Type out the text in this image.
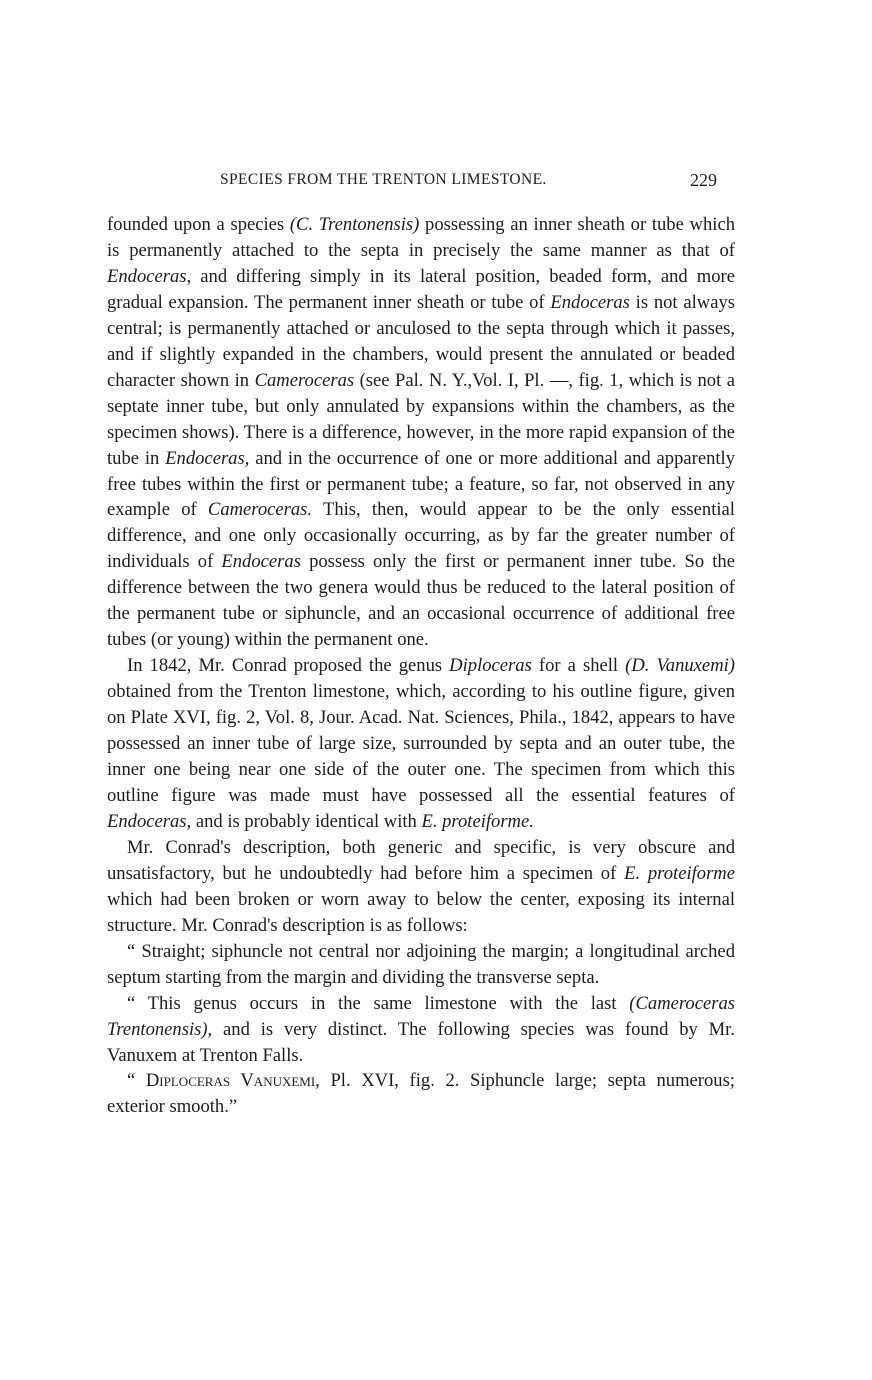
SPECIES FROM THE TRENTON LIMESTONE.	229

founded upon a species (C. Trentonensis) possessing an inner sheath or tube which is permanently attached to the septa in precisely the same manner as that of Endoceras, and differing simply in its lateral position, beaded form, and more gradual expansion. The permanent inner sheath or tube of Endoceras is not always central; is permanently attached or anculosed to the septa through which it passes, and if slightly expanded in the chambers, would present the annulated or beaded character shown in Cameroceras (see Pal. N. Y.,Vol. I, Pl. —, fig. 1, which is not a septate inner tube, but only annulated by expansions within the chambers, as the specimen shows). There is a difference, however, in the more rapid expansion of the tube in Endoceras, and in the occurrence of one or more additional and apparently free tubes within the first or permanent tube; a feature, so far, not observed in any example of Cameroceras. This, then, would appear to be the only essential difference, and one only occasionally occurring, as by far the greater number of individuals of Endoceras possess only the first or permanent inner tube. So the difference between the two genera would thus be reduced to the lateral position of the permanent tube or siphuncle, and an occasional occurrence of additional free tubes (or young) within the permanent one.

In 1842, Mr. Conrad proposed the genus Diploceras for a shell (D. Vanuxemi) obtained from the Trenton limestone, which, according to his outline figure, given on Plate XVI, fig. 2, Vol. 8, Jour. Acad. Nat. Sciences, Phila., 1842, appears to have possessed an inner tube of large size, surrounded by septa and an outer tube, the inner one being near one side of the outer one. The specimen from which this outline figure was made must have possessed all the essential features of Endoceras, and is probably identical with E. proteiforme.

Mr. Conrad's description, both generic and specific, is very obscure and unsatisfactory, but he undoubtedly had before him a specimen of E. proteiforme which had been broken or worn away to below the center, exposing its internal structure. Mr. Conrad's description is as follows:

“ Straight; siphuncle not central nor adjoining the margin; a longitudinal arched septum starting from the margin and dividing the transverse septa.

“ This genus occurs in the same limestone with the last (Cameroceras Trentonensis), and is very distinct. The following species was found by Mr. Vanuxem at Trenton Falls.

“ Diploceras Vanuxemi, Pl. XVI, fig. 2. Siphuncle large; septa numerous; exterior smooth.”
